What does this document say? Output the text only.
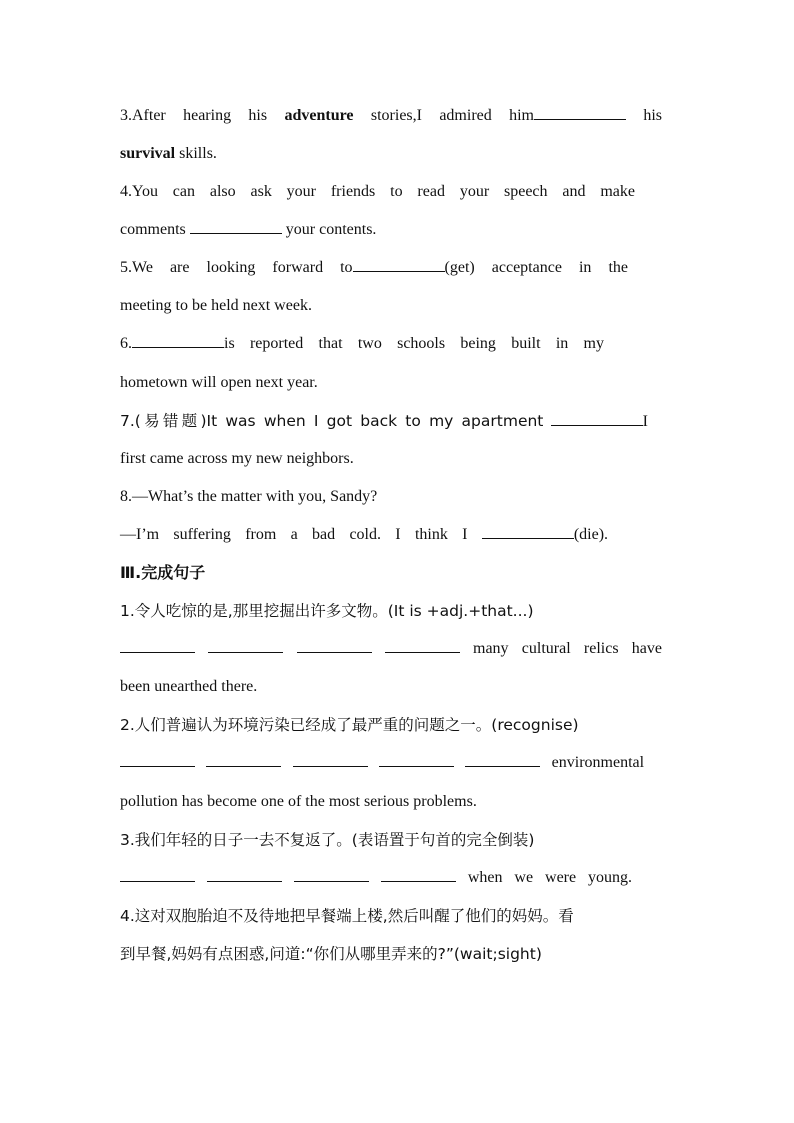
3.After hearing his adventure stories,I admired him	his
survival skills.
4.You can also ask your friends to read your speech and make
comments	your contents.
5.We are looking forward to	(get) acceptance in the
meeting to be held next week.
6.	is reported that two schools being built in my
hometown will open next year.
7.(易错题)It was when I got back to my apartment	I
first came across my new neighbors.
8.—What’s the matter with you, Sandy?
—I’m suffering from a bad cold. I think I	(die).
Ⅲ.完成句子
1.令人吃惊的是,那里挖掘出许多文物。(It is +adj.+that...)
many cultural relics have
been unearthed there.
2.人们普遍认为环境污染已经成了最严重的问题之一。(recognise)
environmental
pollution has become one of the most serious problems.
3.我们年轻的日子一去不复返了。(表语置于句首的完全倒装)
when we were young.
4.这对双胞胎迫不及待地把早餐端上楼,然后叫醒了他们的妈妈。看
到早餐,妈妈有点困惑,问道:“你们从哪里弄来的?”(wait;sight)
